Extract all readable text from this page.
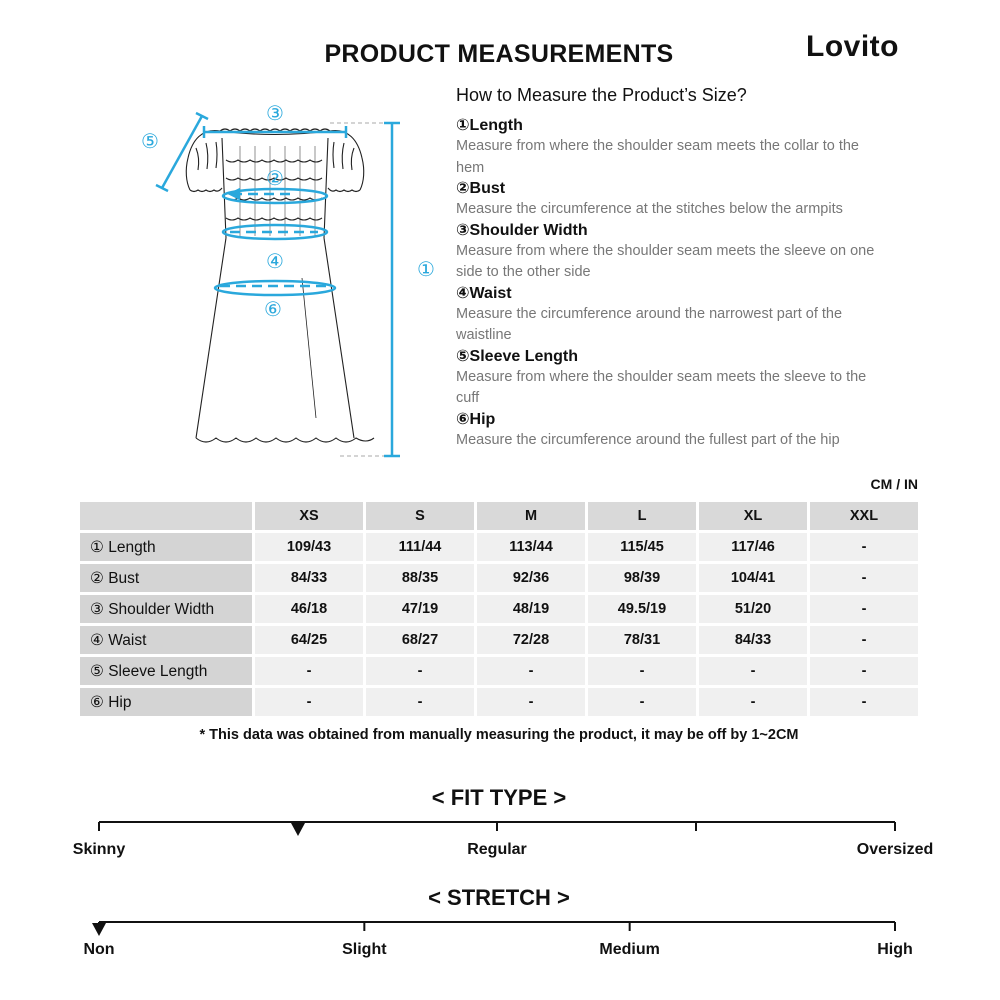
PRODUCT MEASUREMENTS	Lovito
③
⑤
②
④
⑥
①
How to Measure the Product’s Size?
①Length
Measure from where the shoulder seam meets the collar to the hem
②Bust
Measure the circumference at the stitches below the armpits
③Shoulder Width
Measure from where the shoulder seam meets the sleeve on one side to the other side
④Waist
Measure the circumference around the narrowest part of the waistline
⑤Sleeve Length
Measure from where the shoulder seam meets the sleeve to the cuff
⑥Hip
Measure the circumference around the fullest part of the hip
CM / IN
	XS	S	M	L	XL	XXL
① Length	109/43	111/44	113/44	115/45	117/46	-
② Bust	84/33	88/35	92/36	98/39	104/41	-
③ Shoulder Width	46/18	47/19	48/19	49.5/19	51/20	-
④ Waist	64/25	68/27	72/28	78/31	84/33	-
⑤ Sleeve Length	-	-	-	-	-	-
⑥ Hip	-	-	-	-	-	-
* This data was obtained from manually measuring the product, it may be off by 1~2CM
< FIT TYPE >
Skinny	Regular	Oversized
< STRETCH >
Non	Slight	Medium	High
